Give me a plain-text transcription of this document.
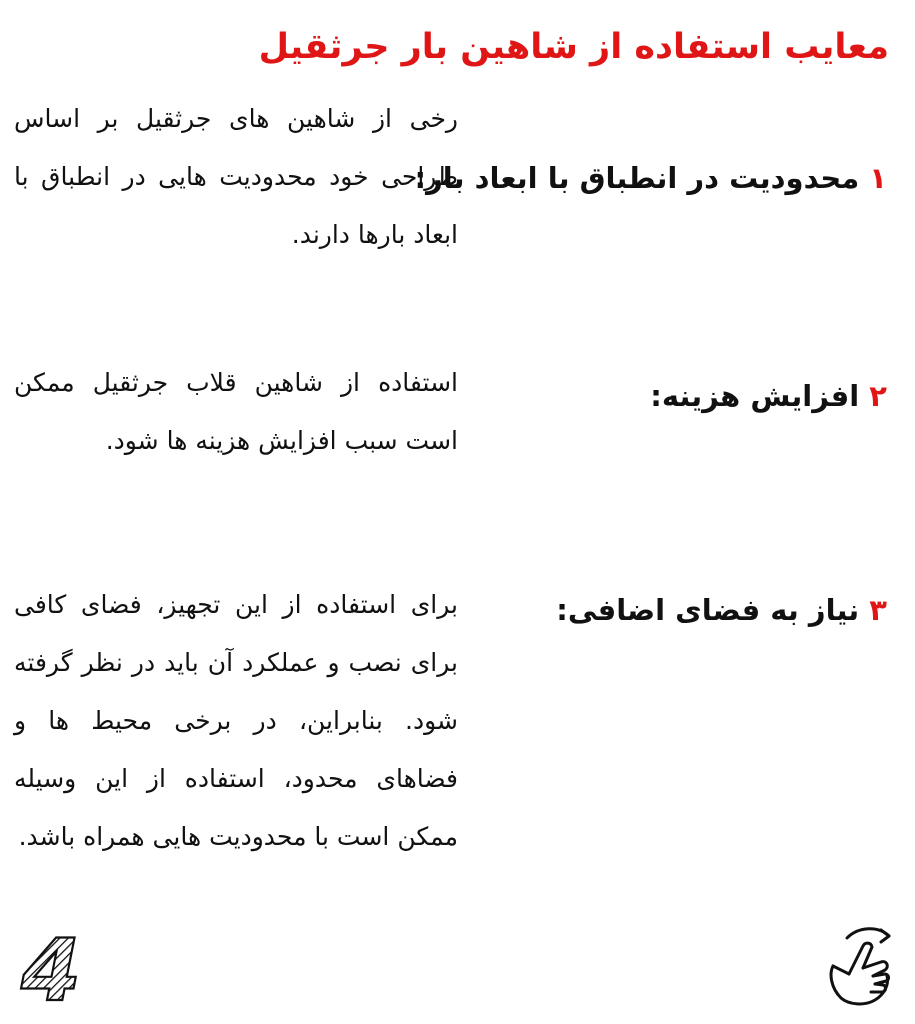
معایب استفاده از شاهین بار جرثقیل
۱ محدودیت در انطباق با ابعاد بار:

رخی از شاهین های جرثقیل بر اساس طراحی خود محدودیت هایی در انطباق با ابعاد بارها دارند.

۲ افزایش هزینه:

استفاده از شاهین قلاب جرثقیل ممکن است سبب افزایش هزینه ها شود.

۳ نیاز به فضای اضافی:

برای استفاده از این تجهیز، فضای کافی برای نصب و عملکرد آن باید در نظر گرفته شود. بنابراین، در برخی محیط ها و فضاهای محدود، استفاده از این وسیله ممکن است با محدودیت هایی همراه باشد.

4
